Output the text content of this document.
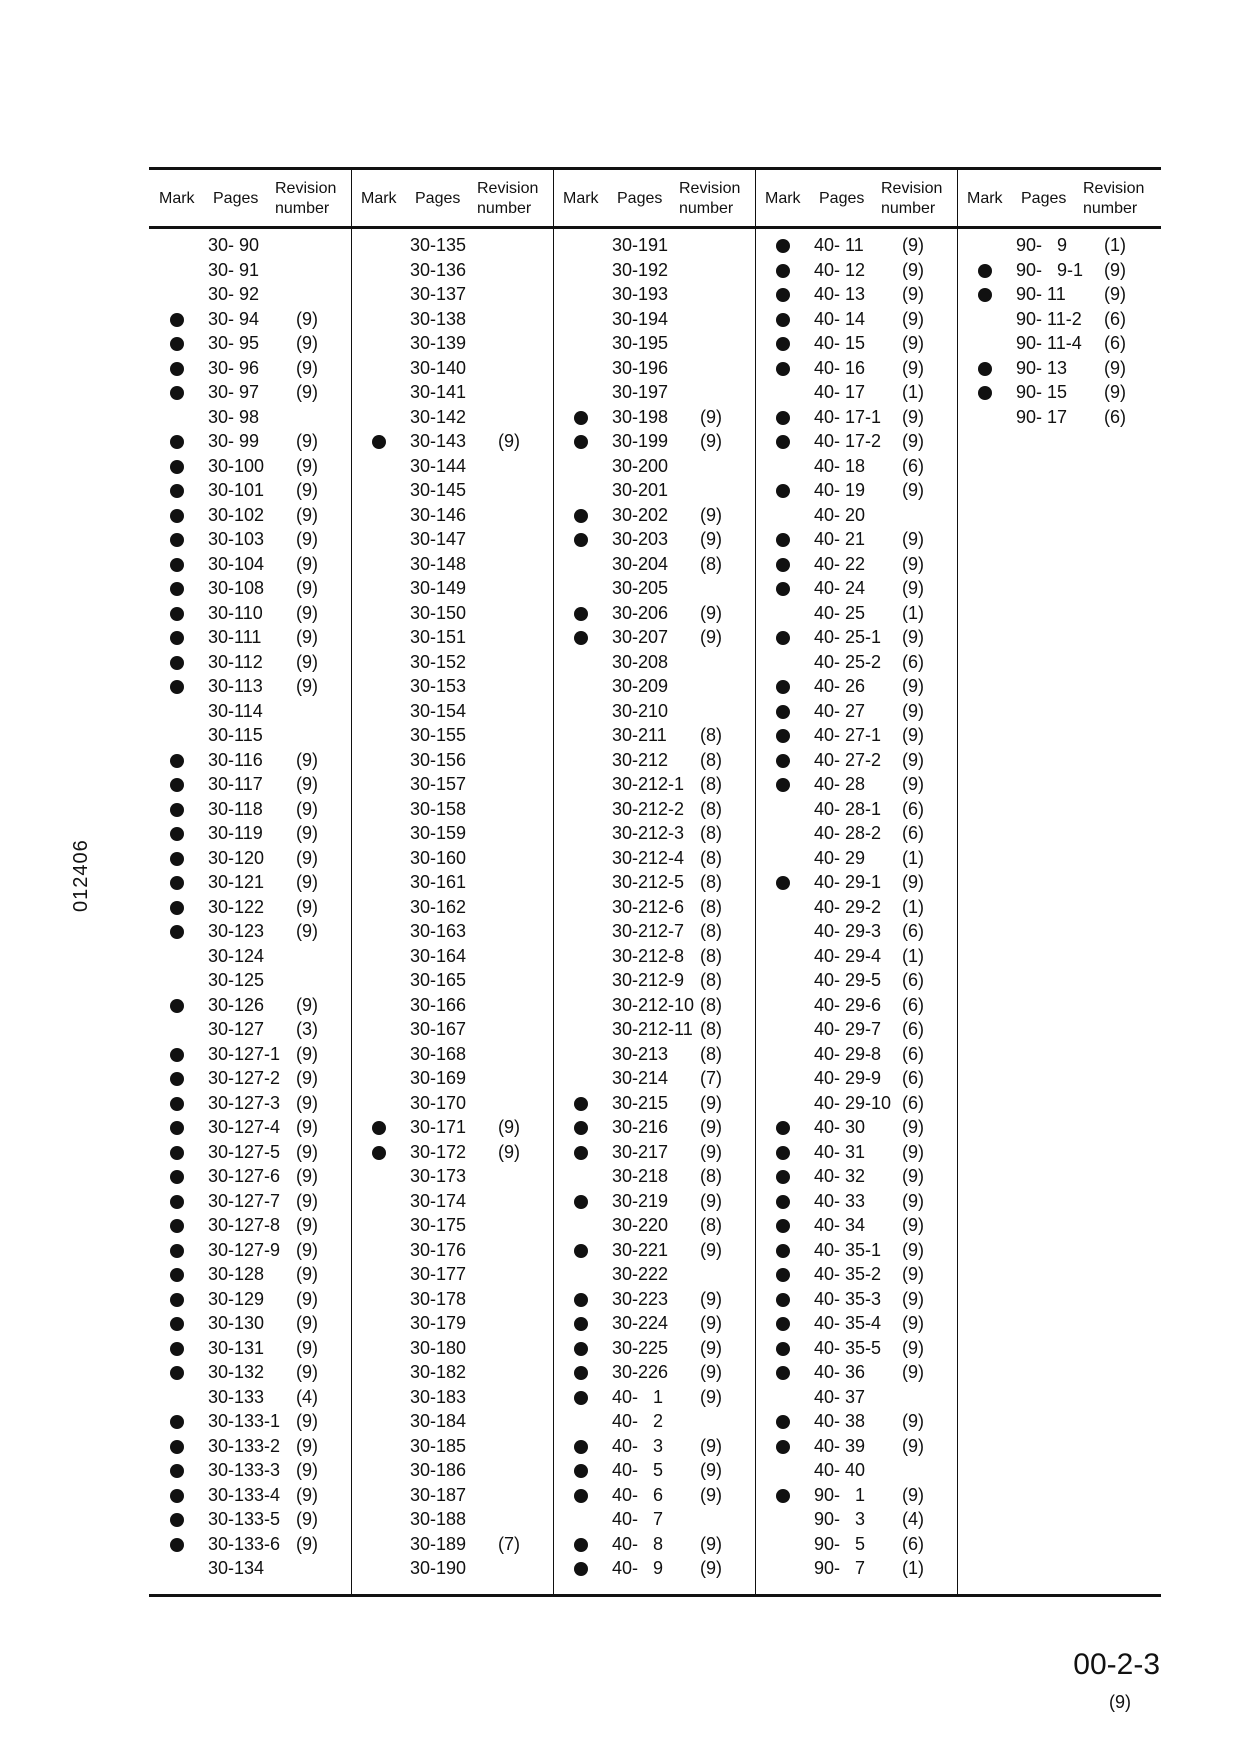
Mark Pages
Revision
number
30- 90
30- 91
30- 92
30- 94 (9)
30- 95 (9)
30- 96 (9)
30- 97 (9)
30- 98
30- 99 (9)
30-100 (9)
30-101 (9)
30-102 (9)
30-103 (9)
30-104 (9)
30-108 (9)
30-110 (9)
30-111 (9)
30-112 (9)
30-113 (9)
30-114
30-115
30-116 (9)
30-117 (9)
30-118 (9)
30-119 (9)
30-120 (9)
30-121 (9)
30-122 (9)
30-123 (9)
30-124
30-125
30-126 (9)
30-127 (3)
30-127-1 (9)
30-127-2 (9)
30-127-3 (9)
30-127-4 (9)
30-127-5 (9)
30-127-6 (9)
30-127-7 (9)
30-127-8 (9)
30-127-9 (9)
30-128 (9)
30-129 (9)
30-130 (9)
30-131 (9)
30-132 (9)
30-133 (4)
30-133-1 (9)
30-133-2 (9)
30-133-3 (9)
30-133-4 (9)
30-133-5 (9)
30-133-6 (9)
30-134
Mark Pages
Revision
number
30-135
30-136
30-137
30-138
30-139
30-140
30-141
30-142
30-143 (9)
30-144
30-145
30-146
30-147
30-148
30-149
30-150
30-151
30-152
30-153
30-154
30-155
30-156
30-157
30-158
30-159
30-160
30-161
30-162
30-163
30-164
30-165
30-166
30-167
30-168
30-169
30-170
30-171 (9)
30-172 (9)
30-173
30-174
30-175
30-176
30-177
30-178
30-179
30-180
30-182
30-183
30-184
30-185
30-186
30-187
30-188
30-189 (7)
30-190
Mark Pages
Revision
number
30-191
30-192
30-193
30-194
30-195
30-196
30-197
30-198 (9)
30-199 (9)
30-200
30-201
30-202 (9)
30-203 (9)
30-204 (8)
30-205
30-206 (9)
30-207 (9)
30-208
30-209
30-210
30-211 (8)
30-212 (8)
30-212-1 (8)
30-212-2 (8)
30-212-3 (8)
30-212-4 (8)
30-212-5 (8)
30-212-6 (8)
30-212-7 (8)
30-212-8 (8)
30-212-9 (8)
30-212-10 (8)
30-212-11 (8)
30-213 (8)
30-214 (7)
30-215 (9)
30-216 (9)
30-217 (9)
30-218 (8)
30-219 (9)
30-220 (8)
30-221 (9)
30-222
30-223 (9)
30-224 (9)
30-225 (9)
30-226 (9)
40-   1 (9)
40-   2
40-   3 (9)
40-   5 (9)
40-   6 (9)
40-   7
40-   8 (9)
40-   9 (9)
Mark Pages
Revision
number
40- 11 (9)
40- 12 (9)
40- 13 (9)
40- 14 (9)
40- 15 (9)
40- 16 (9)
40- 17 (1)
40- 17-1 (9)
40- 17-2 (9)
40- 18 (6)
40- 19 (9)
40- 20
40- 21 (9)
40- 22 (9)
40- 24 (9)
40- 25 (1)
40- 25-1 (9)
40- 25-2 (6)
40- 26 (9)
40- 27 (9)
40- 27-1 (9)
40- 27-2 (9)
40- 28 (9)
40- 28-1 (6)
40- 28-2 (6)
40- 29 (1)
40- 29-1 (9)
40- 29-2 (1)
40- 29-3 (6)
40- 29-4 (1)
40- 29-5 (6)
40- 29-6 (6)
40- 29-7 (6)
40- 29-8 (6)
40- 29-9 (6)
40- 29-10 (6)
40- 30 (9)
40- 31 (9)
40- 32 (9)
40- 33 (9)
40- 34 (9)
40- 35-1 (9)
40- 35-2 (9)
40- 35-3 (9)
40- 35-4 (9)
40- 35-5 (9)
40- 36 (9)
40- 37
40- 38 (9)
40- 39 (9)
40- 40
90-   1 (9)
90-   3 (4)
90-   5 (6)
90-   7 (1)
Mark Pages
Revision
number
90-   9 (1)
90-   9-1 (9)
90- 11 (9)
90- 11-2 (6)
90- 11-4 (6)
90- 13 (9)
90- 15 (9)
90- 17 (6)
012406
00-2-3
(9)
